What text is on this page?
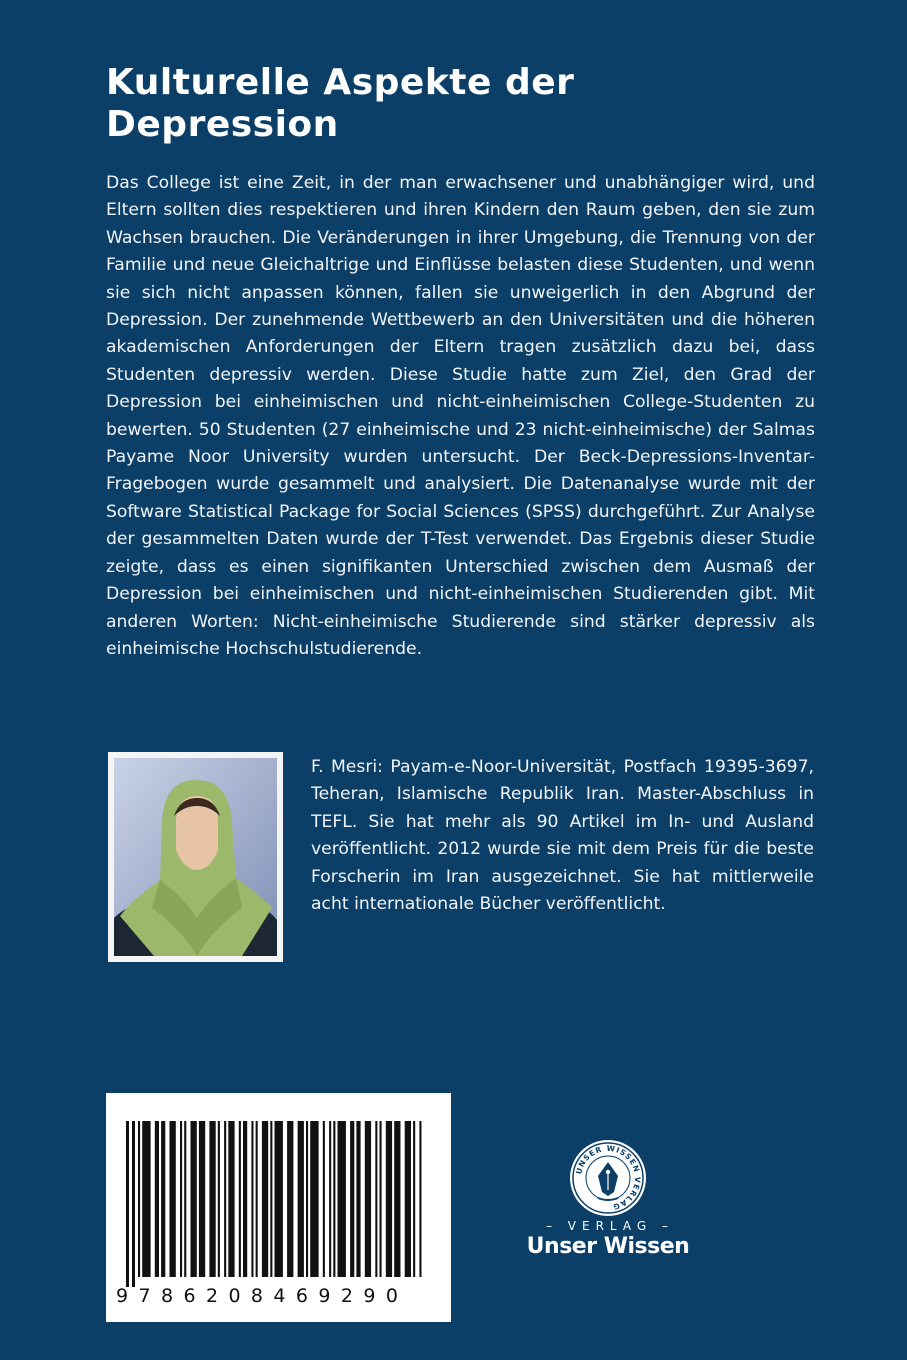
Kulturelle Aspekte der Depression

Das College ist eine Zeit, in der man erwachsener und unabhängiger wird, und Eltern sollten dies respektieren und ihren Kindern den Raum geben, den sie zum Wachsen brauchen. Die Veränderungen in ihrer Umgebung, die Trennung von der Familie und neue Gleichaltrige und Einflüsse belasten diese Studenten, und wenn sie sich nicht anpassen können, fallen sie unweigerlich in den Abgrund der Depression. Der zunehmende Wettbewerb an den Universitäten und die höheren akademischen Anforderungen der Eltern tragen zusätzlich dazu bei, dass Studenten depressiv werden. Diese Studie hatte zum Ziel, den Grad der Depression bei einheimischen und nicht-einheimischen College-Studenten zu bewerten. 50 Studenten (27 einheimische und 23 nicht-einheimische) der Salmas Payame Noor University wurden untersucht. Der Beck-Depressions-Inventar-Fragebogen wurde gesammelt und analysiert. Die Datenanalyse wurde mit der Software Statistical Package for Social Sciences (SPSS) durchgeführt. Zur Analyse der gesammelten Daten wurde der T-Test verwendet. Das Ergebnis dieser Studie zeigte, dass es einen signifikanten Unterschied zwischen dem Ausmaß der Depression bei einheimischen und nicht-einheimischen Studierenden gibt. Mit anderen Worten: Nicht-einheimische Studierende sind stärker depressiv als einheimische Hochschulstudierende.

F. Mesri: Payam-e-Noor-Universität, Postfach 19395-3697, Teheran, Islamische Republik Iran. Master-Abschluss in TEFL. Sie hat mehr als 90 Artikel im In- und Ausland veröffentlicht. 2012 wurde sie mit dem Preis für die beste Forscherin im Iran ausgezeichnet. Sie hat mittlerweile acht internationale Bücher veröffentlicht.

9786208469290
UNSER WISSEN VERLAG
– VERLAG –
Unser Wissen
